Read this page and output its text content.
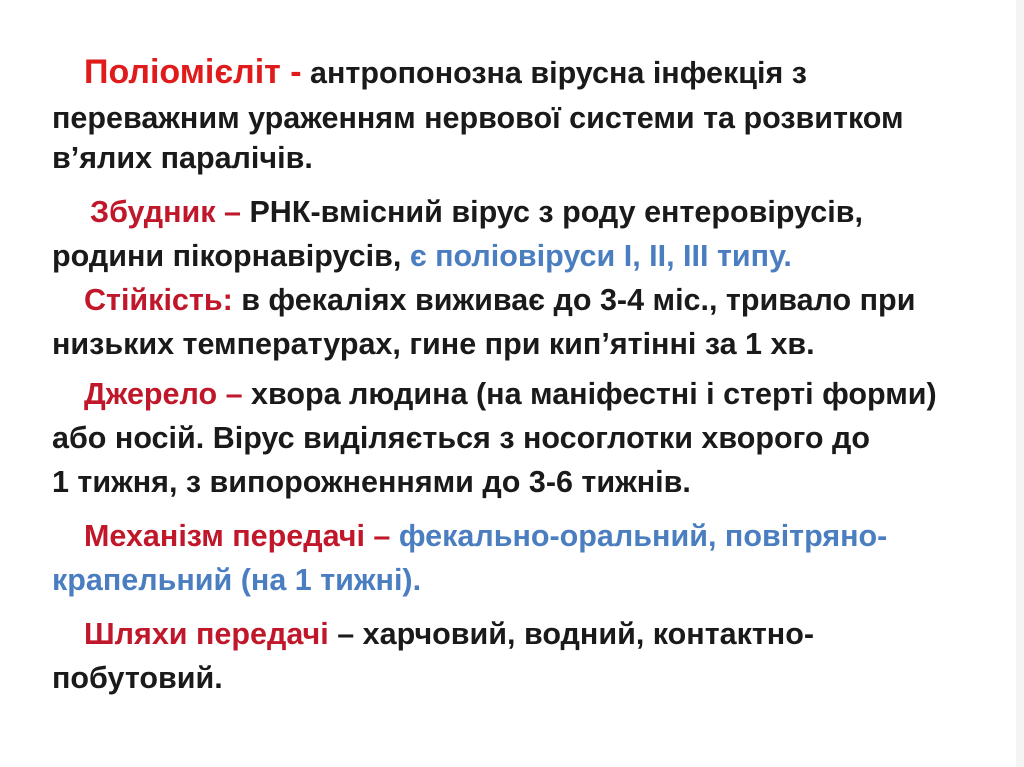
Поліомієліт - антропонозна вірусна інфекція з
переважним ураженням нервової системи та розвитком
в’ялих паралічів.
Збудник – РНК-вмісний вірус з роду ентеровірусів,
родини пікорнавірусів, є поліовіруси I, II, III типу.
Стійкість: в фекаліях виживає до 3-4 міс., тривало при
низьких температурах, гине при кип’ятінні за 1 хв.
Джерело – хвора людина (на маніфестні і стерті форми)
або носій. Вірус виділяється з носоглотки хворого до
1 тижня, з випорожненнями до 3-6 тижнів.
Механізм передачі – фекально-оральний, повітряно-
крапельний (на 1 тижні).
Шляхи передачі – харчовий, водний, контактно-
побутовий.
